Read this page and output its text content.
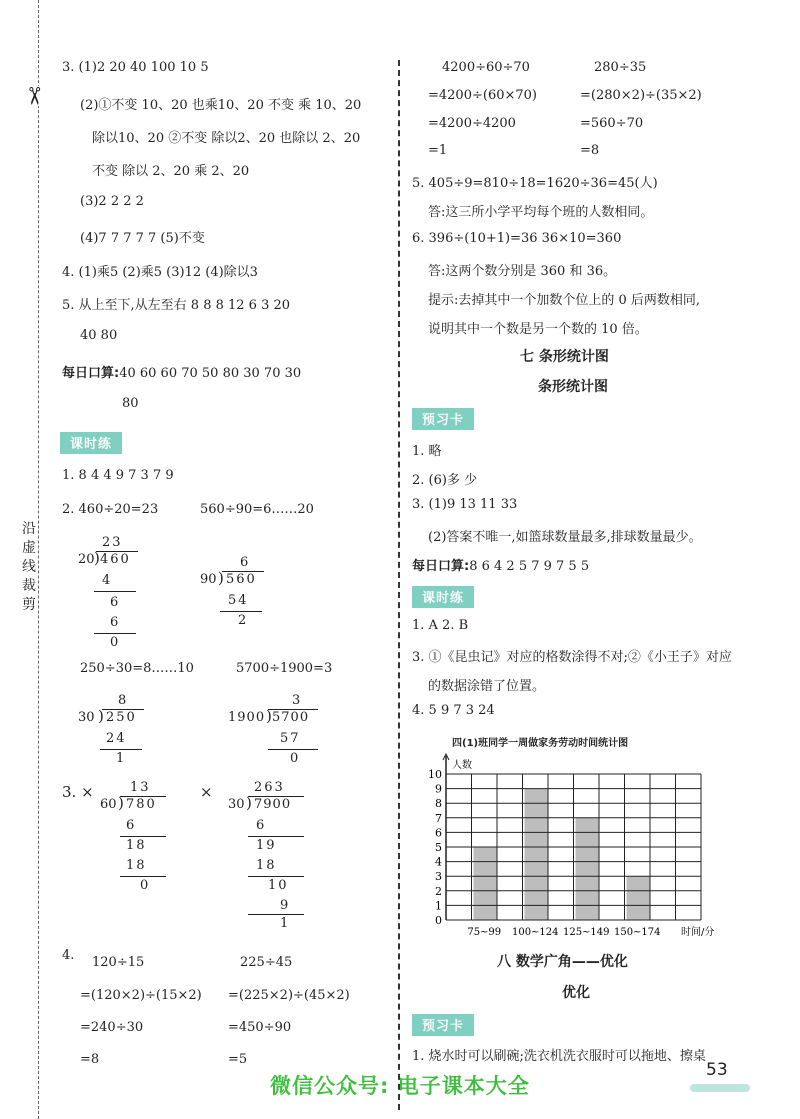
✂
沿
虚
线
裁
剪
3. (1)2 20 40 100 10 5
(2)①不变 10、20 也乘10、20 不变 乘 10、20
除以10、20 ②不变 除以2、20 也除以 2、20
不变 除以 2、20 乘 2、20
(3)2 2 2 2
(4)7 7 7 7 7 (5)不变
4. (1)乘5 (2)乘5 (3)12 (4)除以3
5. 从上至下,从左至右 8 8 8 12 6 3 20
40 80
每日口算:40 60 60 70 50 80 30 70 30
80
课时练
1. 8 4 4 9 7 3 7 9
2. 460÷20=23	560÷90=6……20
23
20 ) 460
4
6
6
0
6
90 ) 560
54
2
250÷30=8……10	5700÷1900=3
8
30 ) 250
24
1
3
1900 ) 5700
57
0
3. ×	×
13
60 ) 780
6
18
18
0
263
30 ) 7900
6
19
18
10
9
1
4. 120÷15
=(120×2)÷(15×2)
=240÷30
=8
225÷45
=(225×2)÷(45×2)
=450÷90
=5
4200÷60÷70
=4200÷(60×70)
=4200÷4200
=1
280÷35
=(280×2)÷(35×2)
=560÷70
=8
5. 405÷9=810÷18=1620÷36=45(人)
答:这三所小学平均每个班的人数相同。
6. 396÷(10+1)=36 36×10=360
答:这两个数分别是 360 和 36。
提示:去掉其中一个加数个位上的 0 后两数相同,
说明其中一个数是另一个数的 10 倍。
七 条形统计图
条形统计图
预习卡
1. 略
2. (6)多 少
3. (1)9 13 11 33
(2)答案不唯一,如篮球数量最多,排球数量最少。
每日口算:8 6 4 2 5 7 9 7 5 5
课时练
1. A 2. B
3. ①《昆虫记》对应的格数涂得不对;②《小王子》对应
的数据涂错了位置。
4. 5 9 7 3 24
四(1)班同学一周做家务劳动时间统计图
人数
0
1
2
3
4
5
6
7
8
9
10
75~99 100~124 125~149 150~174 时间/分
八 数学广角——优化
优化
预习卡
1. 烧水时可以刷碗;洗衣机洗衣服时可以拖地、擦桌
53
微信公众号: 电子课本大全
